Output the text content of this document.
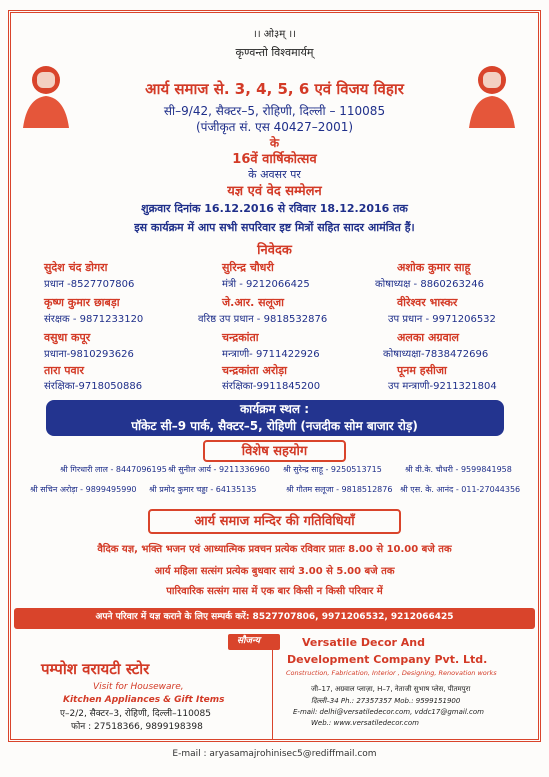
।। ओ३म् ।।
कृण्वन्तो विश्वमार्यम्
आर्य समाज से. 3, 4, 5, 6 एवं विजय विहार
सी–9/42, सैक्टर–5, रोहिणी, दिल्ली – 110085
(पंजीकृत सं. एस 40427–2001)
के
16वें वार्षिकोत्सव
के अवसर पर
यज्ञ एवं वेद सम्मेलन
शुक्रवार दिनांक 16.12.2016 से रविवार 18.12.2016 तक
इस कार्यक्रम में आप सभी सपरिवार इष्ट मित्रों सहित सादर आमंत्रित हैं।
निवेदक
सुदेश चंद डोगरा
प्रधान -8527707806
सुरिन्द्र चौधरी
मंत्री - 9212066425
अशोक कुमार साहू
कोषाध्यक्ष - 8860263246
कृष्ण कुमार छाबड़ा
संरक्षक - 9871233120
जे.आर. सलूजा
वरिष्ठ उप प्रधान - 9818532876
वीरेश्वर भास्कर
उप प्रधान - 9971206532
वसुधा कपूर
प्रधाना-9810293626
चन्द्रकांता
मन्त्राणी- 9711422926
अलका अग्रवाल
कोषाध्यक्षा-7838472696
तारा पवार
संरक्षिका-9718050886
चन्द्रकांता अरोड़ा
संरक्षिका-9911845200
पूनम हसीजा
उप मन्त्राणी-9211321804
कार्यक्रम स्थल :
पॉकेट सी–9 पार्क, सैक्टर–5, रोहिणी (नजदीक सोम बाजार रोड़)
विशेष सहयोग
श्री गिरधारी लाल - 8447096195 श्री सुनील आर्य - 9211336960 श्री सुरेन्द्र साहू - 9250513715	श्री वी.के. चौधरी - 9599841958
श्री सचिन अरोड़ा - 9899495990 श्री प्रमोद कुमार चड्डा - 64135135	श्री गौतम सलूजा - 9818512876 श्री एस. के. आनंद - 011-27044356
आर्य समाज मन्दिर की गतिविधियाँ
वैदिक यज्ञ, भक्ति भजन एवं आध्यात्मिक प्रवचन प्रत्येक रविवार प्रातः 8.00 से 10.00 बजे तक
आर्य महिला सत्संग प्रत्येक बुधवार सायं 3.00 से 5.00 बजे तक
पारिवारिक सत्संग मास में एक बार किसी न किसी परिवार में
अपने परिवार में यज्ञ कराने के लिए सम्पर्क करें: 8527707806, 9971206532, 9212066425
पम्पोश वरायटी स्टोर
Visit for Houseware,
Kitchen Appliances & Gift Items
ए–2/2, सैक्टर–3, रोहिणी, दिल्ली–110085
फोन : 27518366, 9899198398
सौजन्य	Versatile Decor And
Development Company Pvt. Ltd.
Construction, Fabrication, Interior , Designing, Renovation works
जी–17, अग्रवाल प्लाज़ा, H–7, नेताजी सुभाष प्लेस, पीतमपुरा
दिल्ली–34 Ph.: 27357357 Mob.: 9599151900
E-mail: delhi@versatiledecor.com, vddc17@gmail.com
Web.: www.versatiledecor.com
E-mail : aryasamajrohinisec5@rediffmail.com
